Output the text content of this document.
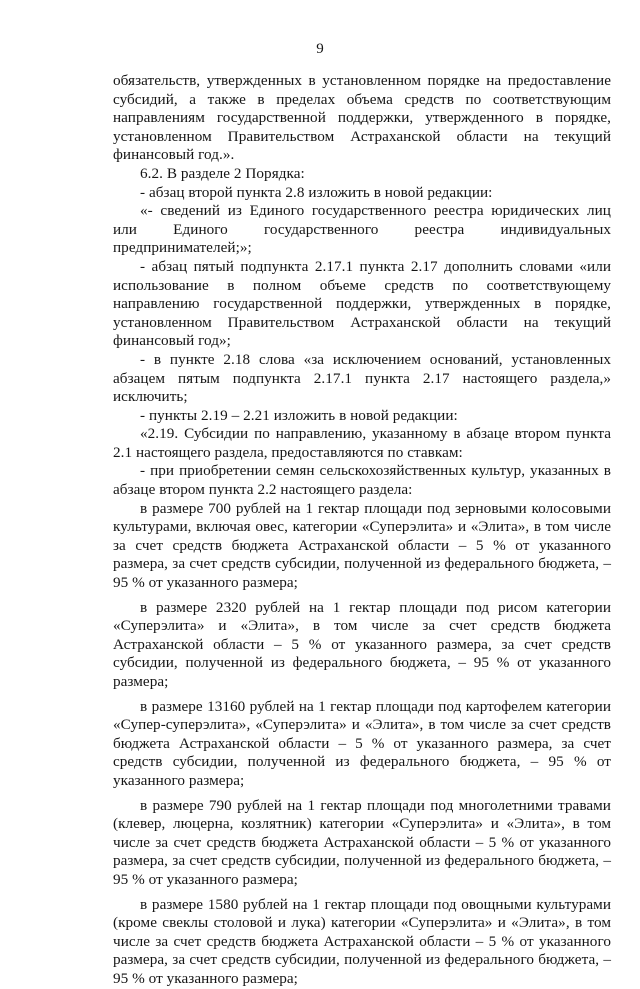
9

обязательств, утвержденных в установленном порядке на предоставление субсидий, а также в пределах объема средств по соответствующим направлениям государственной поддержки, утвержденного в порядке, установленном Правительством Астраханской области на текущий финансовый год.».

6.2. В разделе 2 Порядка:

- абзац второй пункта 2.8 изложить в новой редакции:

«- сведений из Единого государственного реестра юридических лиц или Единого государственного реестра индивидуальных предпринимателей;»;

- абзац пятый подпункта 2.17.1 пункта 2.17 дополнить словами «или использование в полном объеме средств по соответствующему направлению государственной поддержки, утвержденных в порядке, установленном Правительством Астраханской области на текущий финансовый год»;

- в пункте 2.18 слова «за исключением оснований, установленных абзацем пятым подпункта 2.17.1 пункта 2.17 настоящего раздела,» исключить;

- пункты 2.19 – 2.21 изложить в новой редакции:

«2.19. Субсидии по направлению, указанному в абзаце втором пункта 2.1 настоящего раздела, предоставляются по ставкам:

- при приобретении семян сельскохозяйственных культур, указанных в абзаце втором пункта 2.2 настоящего раздела:

в размере 700 рублей на 1 гектар площади под зерновыми колосовыми культурами, включая овес, категории «Суперэлита» и «Элита», в том числе за счет средств бюджета Астраханской области – 5 % от указанного размера, за счет средств субсидии, полученной из федерального бюджета, – 95 % от указанного размера;

в размере 2320 рублей на 1 гектар площади под рисом категории «Суперэлита» и «Элита», в том числе за счет средств бюджета Астраханской области – 5 % от указанного размера, за счет средств субсидии, полученной из федерального бюджета, – 95 % от указанного размера;

в размере 13160 рублей на 1 гектар площади под картофелем категории «Супер-суперэлита», «Суперэлита» и «Элита», в том числе за счет средств бюджета Астраханской области – 5 % от указанного размера, за счет средств субсидии, полученной из федерального бюджета, – 95 % от указанного размера;

в размере 790 рублей на 1 гектар площади под многолетними травами (клевер, люцерна, козлятник) категории «Суперэлита» и «Элита», в том числе за счет средств бюджета Астраханской области – 5 % от указанного размера, за счет средств субсидии, полученной из федерального бюджета, – 95 % от указанного размера;

в размере 1580 рублей на 1 гектар площади под овощными культурами (кроме свеклы столовой и лука) категории «Суперэлита» и «Элита», в том числе за счет средств бюджета Астраханской области – 5 % от указанного размера, за счет средств субсидии, полученной из федерального бюджета, – 95 % от указанного размера;
